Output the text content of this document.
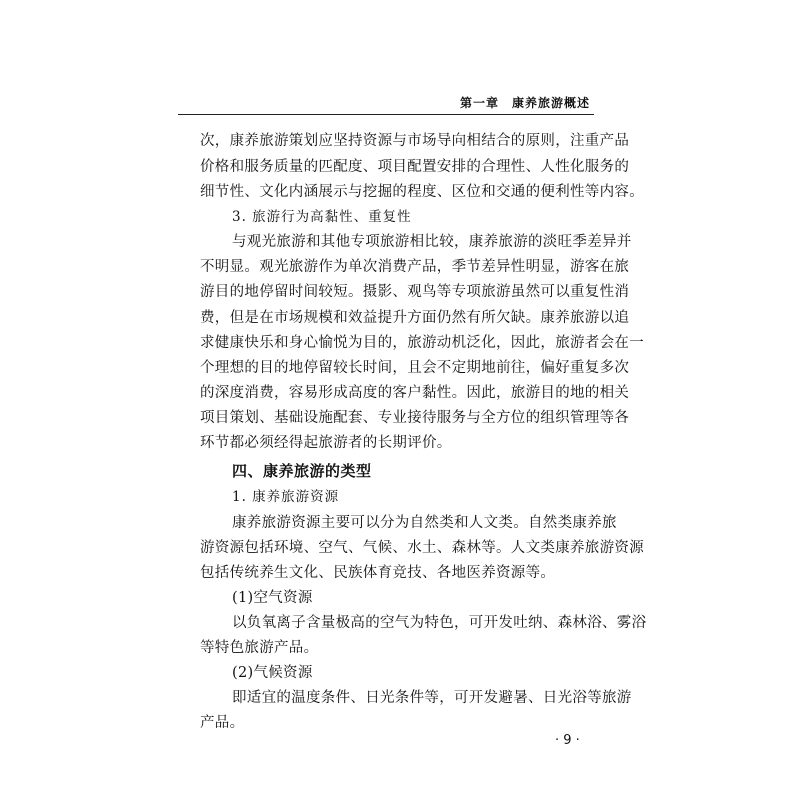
第一章　康养旅游概述

次，康养旅游策划应坚持资源与市场导向相结合的原则，注重产品

价格和服务质量的匹配度、项目配置安排的合理性、人性化服务的

细节性、文化内涵展示与挖掘的程度、区位和交通的便利性等内容。

3. 旅游行为高黏性、重复性

与观光旅游和其他专项旅游相比较，康养旅游的淡旺季差异并

不明显。观光旅游作为单次消费产品，季节差异性明显，游客在旅

游目的地停留时间较短。摄影、观鸟等专项旅游虽然可以重复性消

费，但是在市场规模和效益提升方面仍然有所欠缺。康养旅游以追

求健康快乐和身心愉悦为目的，旅游动机泛化，因此，旅游者会在一

个理想的目的地停留较长时间，且会不定期地前往，偏好重复多次

的深度消费，容易形成高度的客户黏性。因此，旅游目的地的相关

项目策划、基础设施配套、专业接待服务与全方位的组织管理等各

环节都必须经得起旅游者的长期评价。

四、康养旅游的类型

1. 康养旅游资源

康养旅游资源主要可以分为自然类和人文类。自然类康养旅

游资源包括环境、空气、气候、水土、森林等。人文类康养旅游资源

包括传统养生文化、民族体育竞技、各地医养资源等。

(1)空气资源

以负氧离子含量极高的空气为特色，可开发吐纳、森林浴、雾浴

等特色旅游产品。

(2)气候资源

即适宜的温度条件、日光条件等，可开发避暑、日光浴等旅游

产品。

· 9 ·
